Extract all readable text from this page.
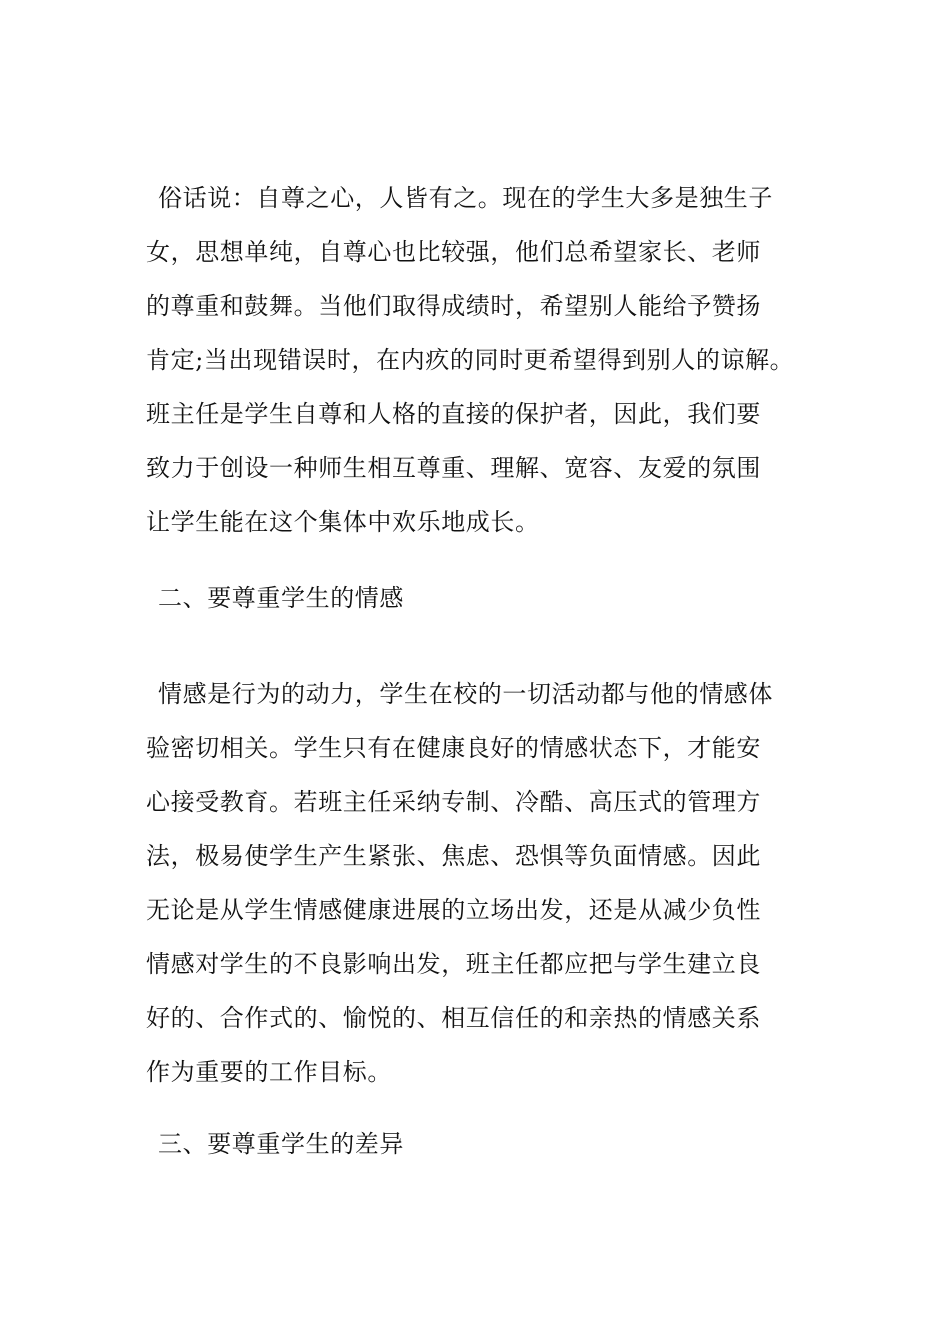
俗话说：自尊之心，人皆有之。现在的学生大多是独生子
女，思想单纯，自尊心也比较强，他们总希望家长、老师
的尊重和鼓舞。当他们取得成绩时，希望别人能给予赞扬
肯定;当出现错误时，在内疚的同时更希望得到别人的谅解。
班主任是学生自尊和人格的直接的保护者，因此，我们要
致力于创设一种师生相互尊重、理解、宽容、友爱的氛围
让学生能在这个集体中欢乐地成长。
二、要尊重学生的情感
情感是行为的动力，学生在校的一切活动都与他的情感体
验密切相关。学生只有在健康良好的情感状态下，才能安
心接受教育。若班主任采纳专制、冷酷、高压式的管理方
法，极易使学生产生紧张、焦虑、恐惧等负面情感。因此
无论是从学生情感健康进展的立场出发，还是从减少负性
情感对学生的不良影响出发，班主任都应把与学生建立良
好的、合作式的、愉悦的、相互信任的和亲热的情感关系
作为重要的工作目标。
三、要尊重学生的差异
